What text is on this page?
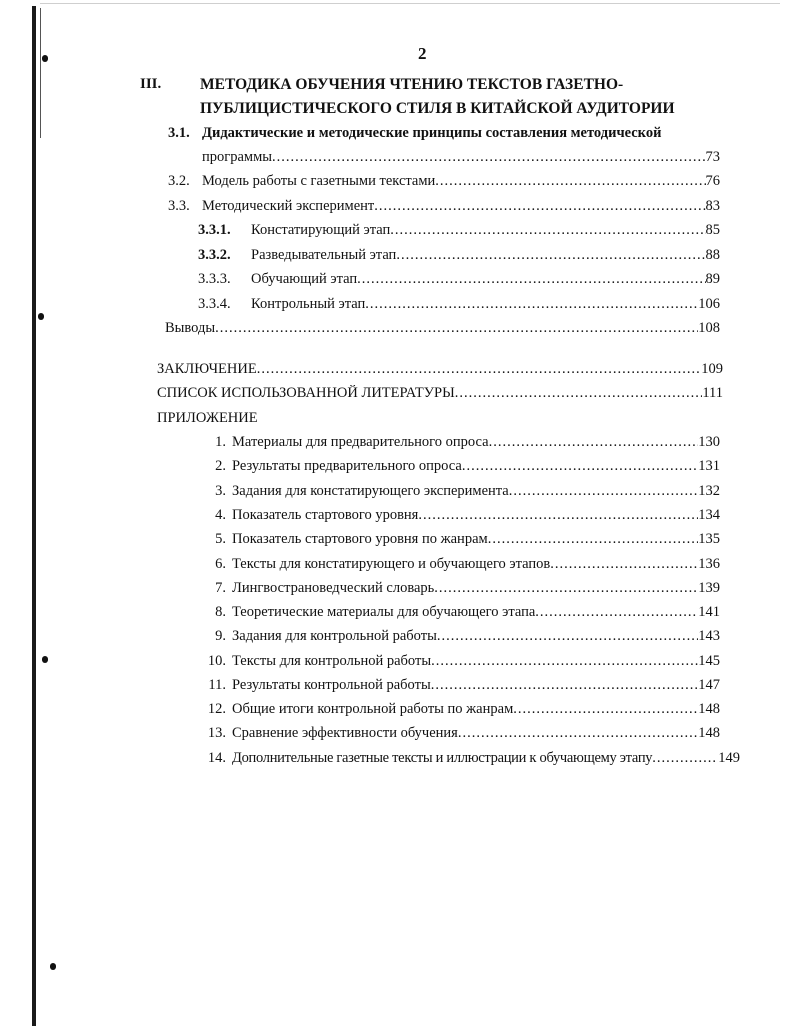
2
III. МЕТОДИКА ОБУЧЕНИЯ ЧТЕНИЮ ТЕКСТОВ ГАЗЕТНО-
ПУБЛИЦИСТИЧЕСКОГО СТИЛЯ В КИТАЙСКОЙ АУДИТОРИИ
3.1. Дидактические и методические принципы составления методической
программы .....	73
3.2. Модель работы с газетными текстами .....	76
3.3. Методический эксперимент .....	83
3.3.1. Констатирующий этап .....	85
3.3.2. Разведывательный этап .....	88
3.3.3. Обучающий этап .....	89
3.3.4. Контрольный этап .....	106
Выводы .....	108
ЗАКЛЮЧЕНИЕ .....	109
СПИСОК ИСПОЛЬЗОВАННОЙ ЛИТЕРАТУРЫ .....	111
ПРИЛОЖЕНИЕ
1. Материалы для предварительного опроса .....	130
2. Результаты предварительного опроса .....	131
3. Задания для констатирующего эксперимента .....	132
4. Показатель стартового уровня .....	134
5. Показатель стартового уровня по жанрам .....	135
6. Тексты для констатирующего и обучающего этапов .....	136
7. Лингвострановедческий словарь .....	139
8. Теоретические материалы для обучающего этапа .....	141
9. Задания для контрольной работы .....	143
10. Тексты для контрольной работы .....	145
11. Результаты контрольной работы .....	147
12. Общие итоги контрольной работы по жанрам .....	148
13. Сравнение эффективности обучения .....	148
14. Дополнительные газетные тексты и иллюстрации к обучающему этапу .....	149
